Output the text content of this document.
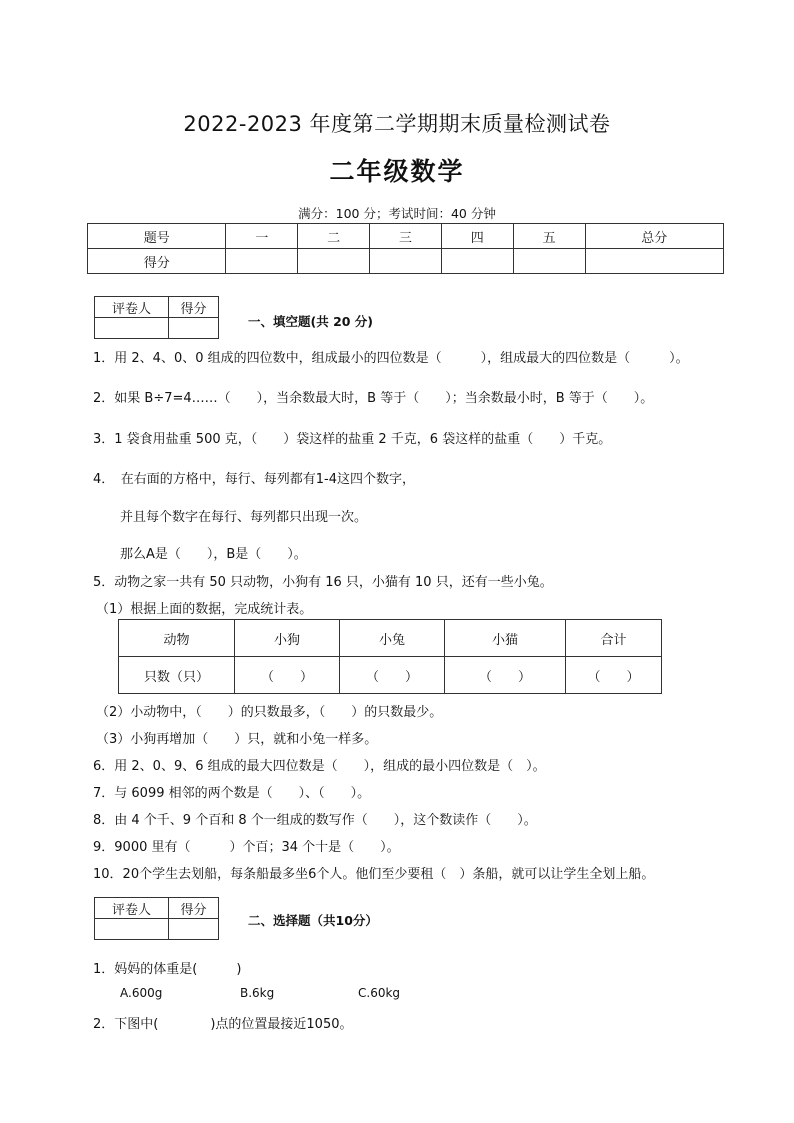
2022-2023 年度第二学期期末质量检测试卷
二年级数学
满分：100 分；考试时间：40 分钟
题号	一	二	三	四	五	总分
得分						
评卷人	得分

一、填空题(共 20 分)
1．用 2、4、0、0 组成的四位数中，组成最小的四位数是（　　　），组成最大的四位数是（　　　）。
2．如果 B÷7=4……（　　），当余数最大时，B 等于（　　）；当余数最小时，B 等于（　　）。
3．1 袋食用盐重 500 克，（　　）袋这样的盐重 2 千克，6 袋这样的盐重（　　）千克。
4．　在右面的方格中，每行、每列都有1-4这四个数字，
并且每个数字在每行、每列都只出现一次。
那么A是（　　），B是（　　）。
5．动物之家一共有 50 只动物，小狗有 16 只，小猫有 10 只，还有一些小兔。
（1）根据上面的数据，完成统计表。
动物	小狗	小兔	小猫	合计
只数（只）	（　　）	（　　）	（　　）	（　　）
（2）小动物中，（　　）的只数最多，（　　）的只数最少。
（3）小狗再增加（　　）只，就和小兔一样多。
6．用 2、0、9、6 组成的最大四位数是（　　），组成的最小四位数是（　）。
7．与 6099 相邻的两个数是（　　）、（　　）。
8．由 4 个千、9 个百和 8 个一组成的数写作（　　），这个数读作（　　）。
9．9000 里有（　　　）个百；34 个十是（　　）。
10．20个学生去划船，每条船最多坐6个人。他们至少要租（　）条船，就可以让学生全划上船。
评卷人	得分

二、选择题（共10分）
1．妈妈的体重是(　　　)
A.600g	B.6kg	C.60kg
2．下图中(　　　　)点的位置最接近1050。
